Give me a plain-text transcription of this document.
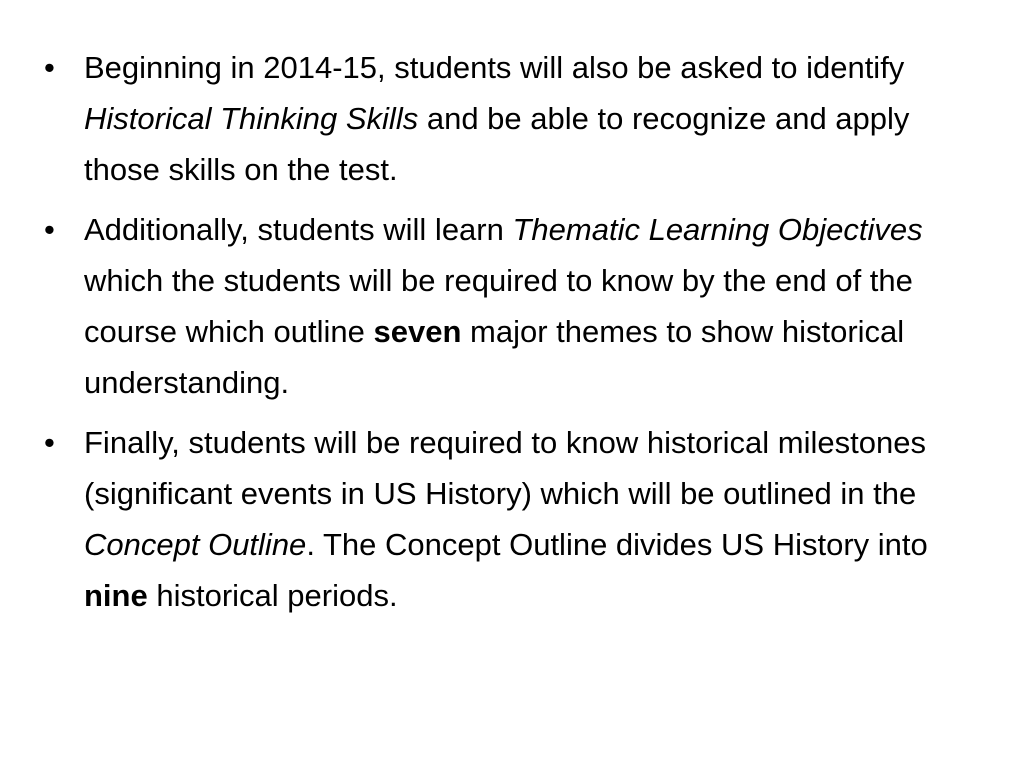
• Beginning in 2014-15, students will also be asked to identify Historical Thinking Skills and be able to recognize and apply those skills on the test.
• Additionally, students will learn Thematic Learning Objectives which the students will be required to know by the end of the course which outline seven major themes to show historical understanding.
• Finally, students will be required to know historical milestones (significant events in US History) which will be outlined in the Concept Outline. The Concept Outline divides US History into nine historical periods.
